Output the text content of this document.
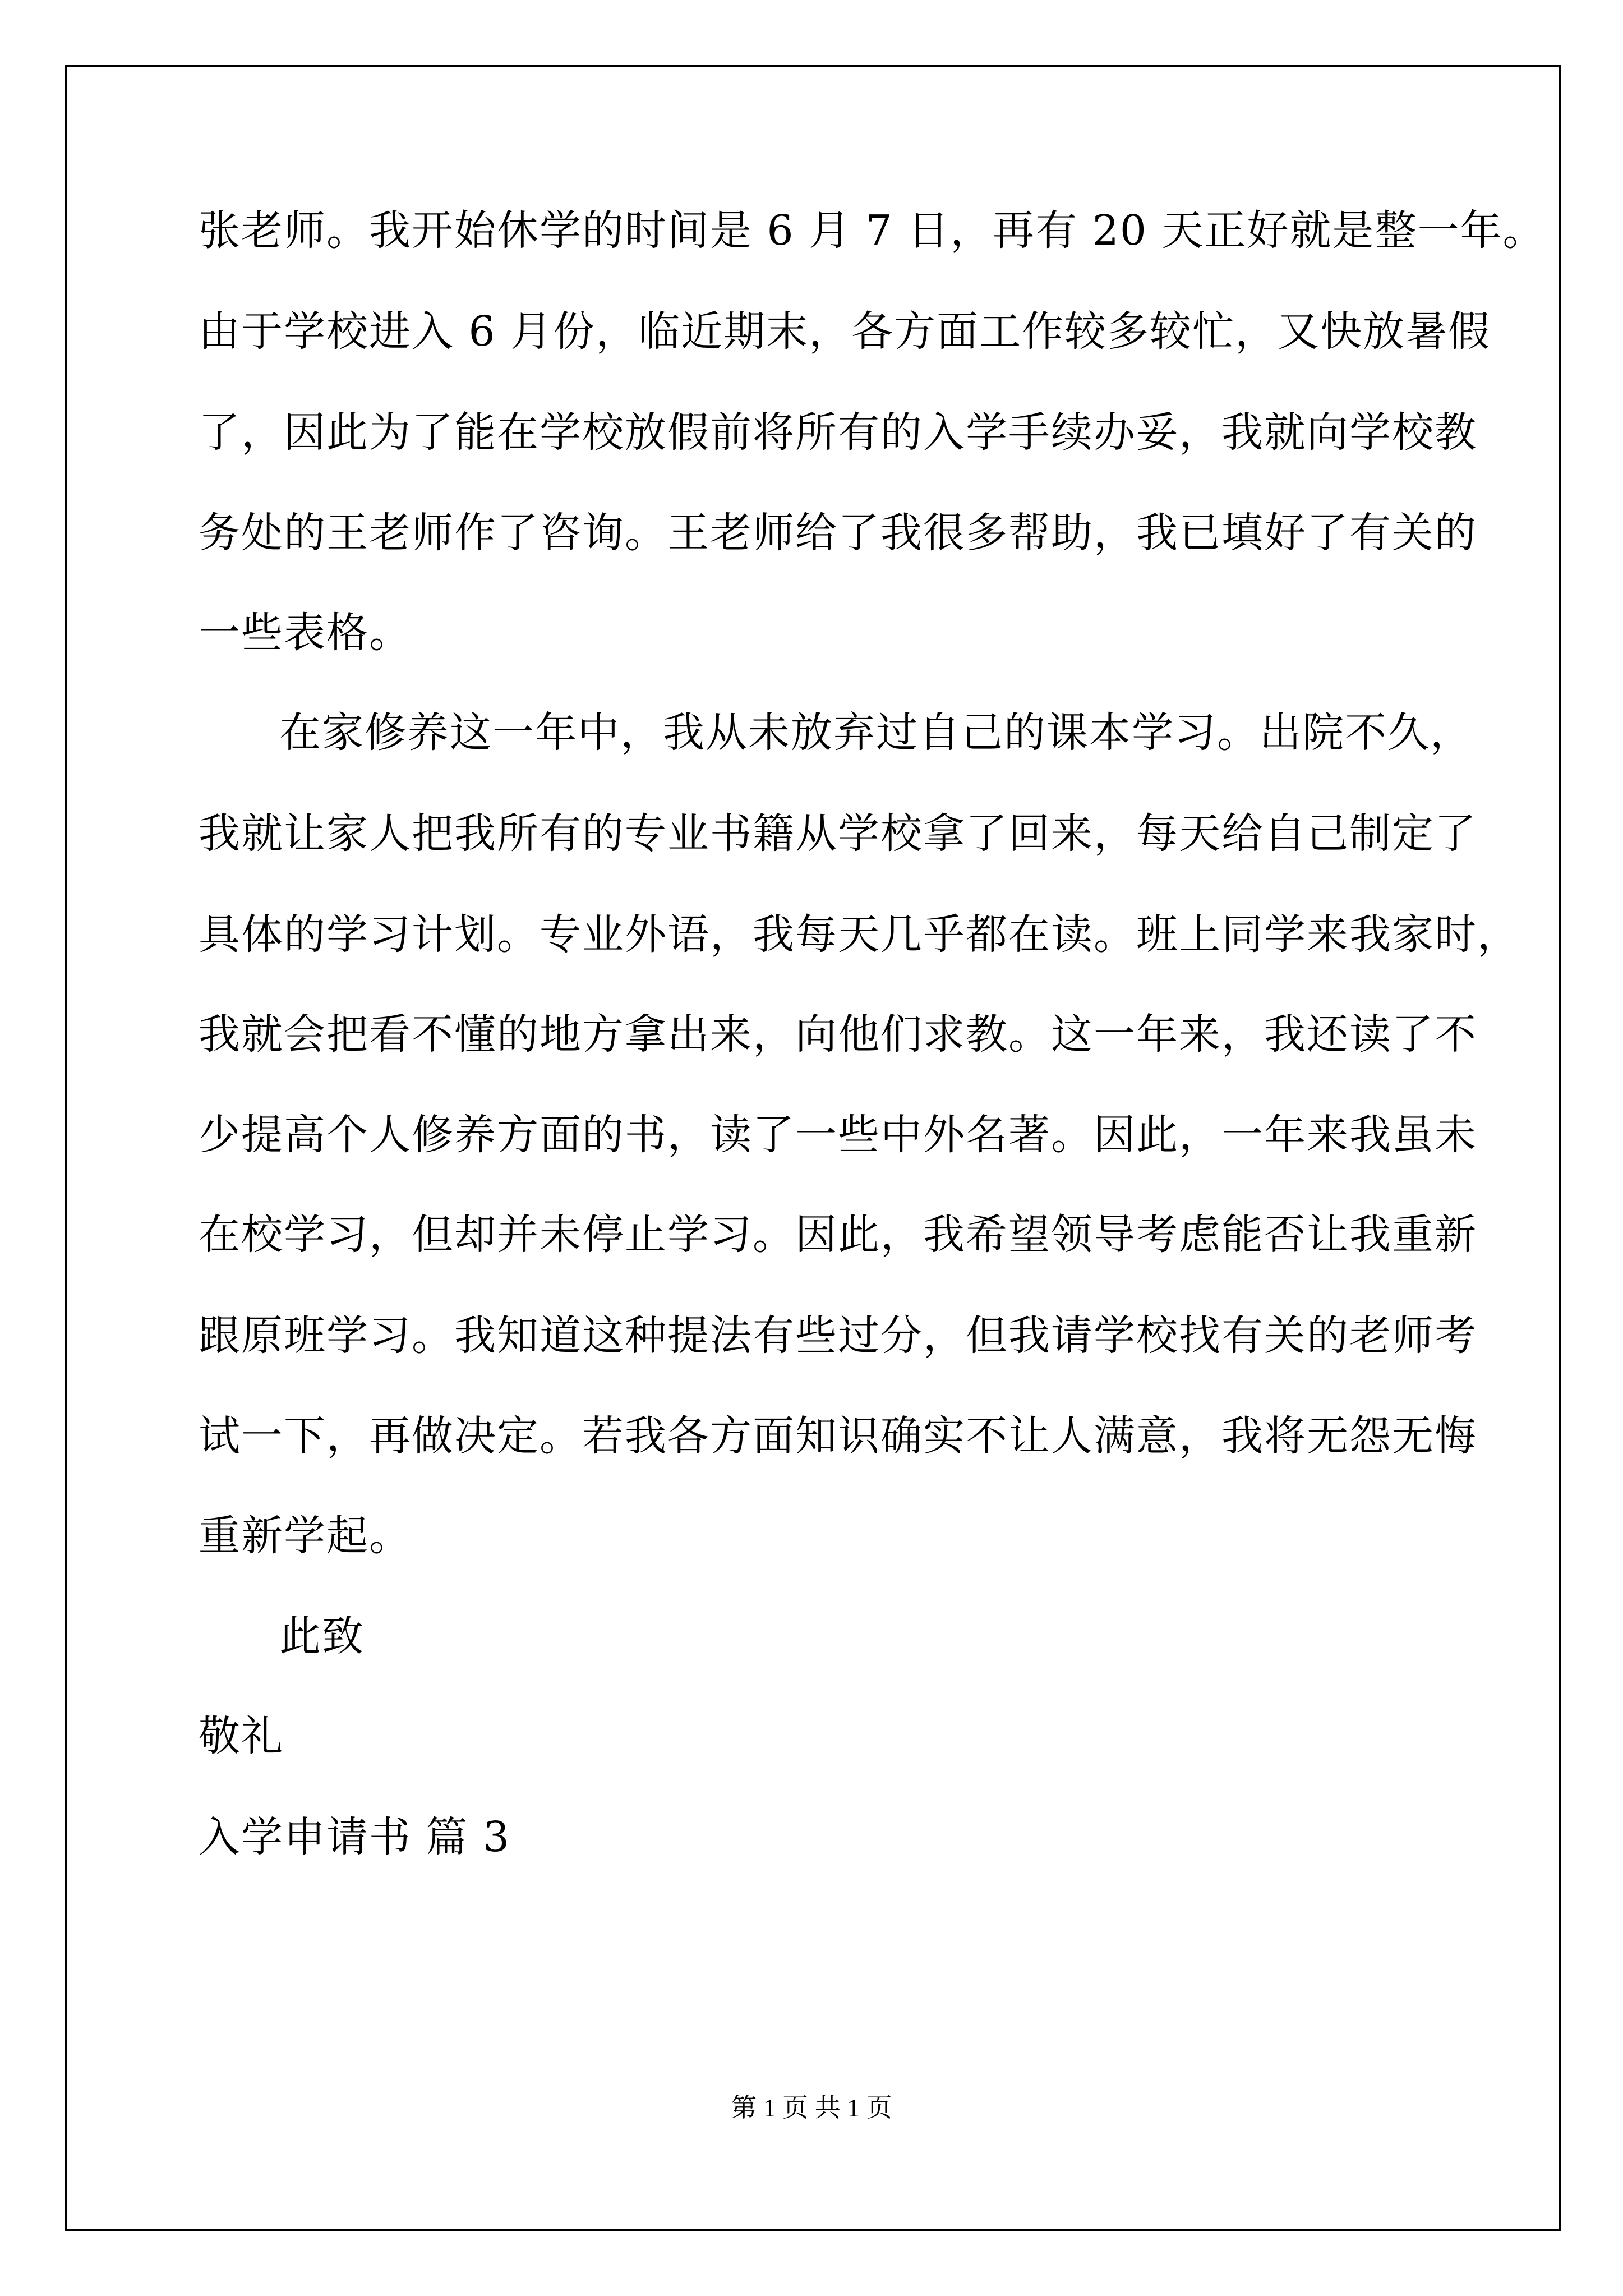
张老师。我开始休学的时间是 6 月 7 日，再有 20 天正好就是整一年。
由于学校进入 6 月份，临近期末，各方面工作较多较忙，又快放暑假
了，因此为了能在学校放假前将所有的入学手续办妥，我就向学校教
务处的王老师作了咨询。王老师给了我很多帮助，我已填好了有关的
一些表格。
在家修养这一年中，我从未放弃过自己的课本学习。出院不久，
我就让家人把我所有的专业书籍从学校拿了回来，每天给自己制定了
具体的学习计划。专业外语，我每天几乎都在读。班上同学来我家时，
我就会把看不懂的地方拿出来，向他们求教。这一年来，我还读了不
少提高个人修养方面的书，读了一些中外名著。因此，一年来我虽未
在校学习，但却并未停止学习。因此，我希望领导考虑能否让我重新
跟原班学习。我知道这种提法有些过分，但我请学校找有关的老师考
试一下，再做决定。若我各方面知识确实不让人满意，我将无怨无悔
重新学起。
此致
敬礼
入学申请书 篇 3
第 1 页 共 1 页
